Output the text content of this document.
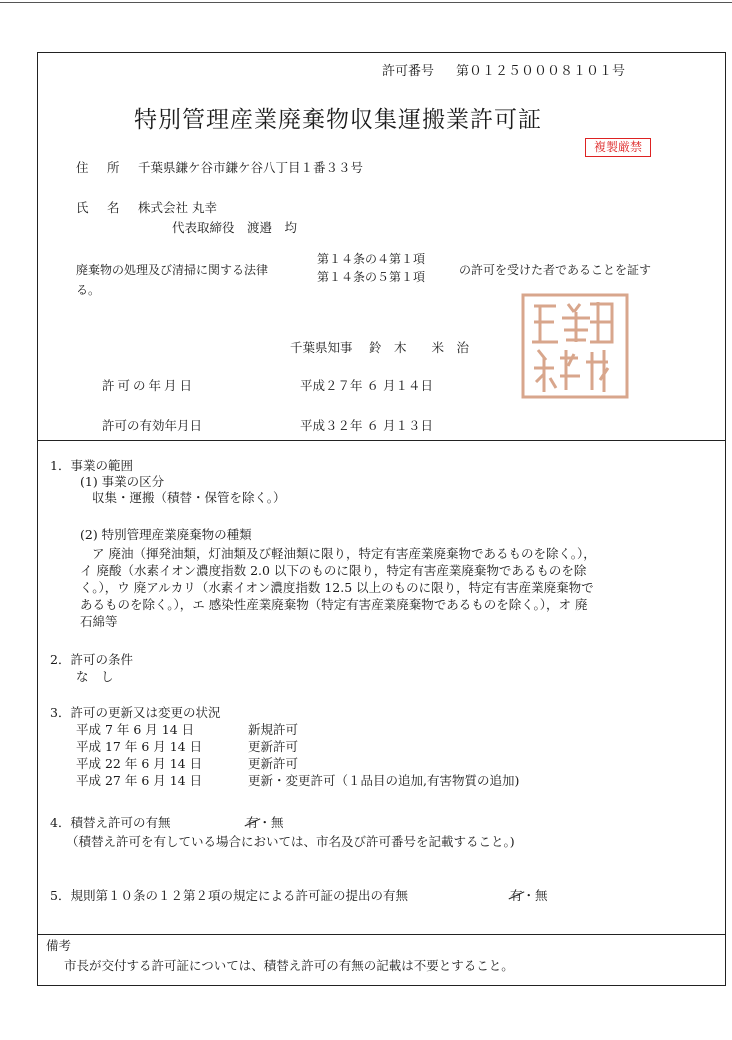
許可番号 第０１２５０００８１０１号
特別管理産業廃棄物収集運搬業許可証
複製厳禁
住　所 千葉県鎌ケ谷市鎌ケ谷八丁目１番３３号
氏　名 株式会社 丸幸
代表取締役　渡邉　均
廃棄物の処理及び清掃に関する法律
第１４条の４第１項
第１４条の５第１項	の許可を受けた者であることを証す
る。
千葉県知事　 鈴　木　　米　治
許可の年月日	平成２７年 ６ 月１４日
許可の有効年月日	平成３２年 ６ 月１３日
1．事業の範囲
(1) 事業の区分
収集・運搬（積替・保管を除く。）
(2) 特別管理産業廃棄物の種類
ア 廃油（揮発油類，灯油類及び軽油類に限り，特定有害産業廃棄物であるものを除く。），
イ 廃酸（水素イオン濃度指数 2.0 以下のものに限り，特定有害産業廃棄物であるものを除
く。），ウ 廃アルカリ（水素イオン濃度指数 12.5 以上のものに限り，特定有害産業廃棄物で
あるものを除く。），エ 感染性産業廃棄物（特定有害産業廃棄物であるものを除く。），オ 廃
石綿等
2．許可の条件
な　し
3．許可の更新又は変更の状況
平成 7 年 6 月 14 日	新規許可
平成 17 年 6 月 14 日	更新許可
平成 22 年 6 月 14 日	更新許可
平成 27 年 6 月 14 日	更新・変更許可（１品目の追加,有害物質の追加)
4．積替え許可の有無	有・無
（積替え許可を有している場合においては、市名及び許可番号を記載すること。)
5．規則第１０条の１２第２項の規定による許可証の提出の有無	有・無
備考
市長が交付する許可証については、積替え許可の有無の記載は不要とすること。
